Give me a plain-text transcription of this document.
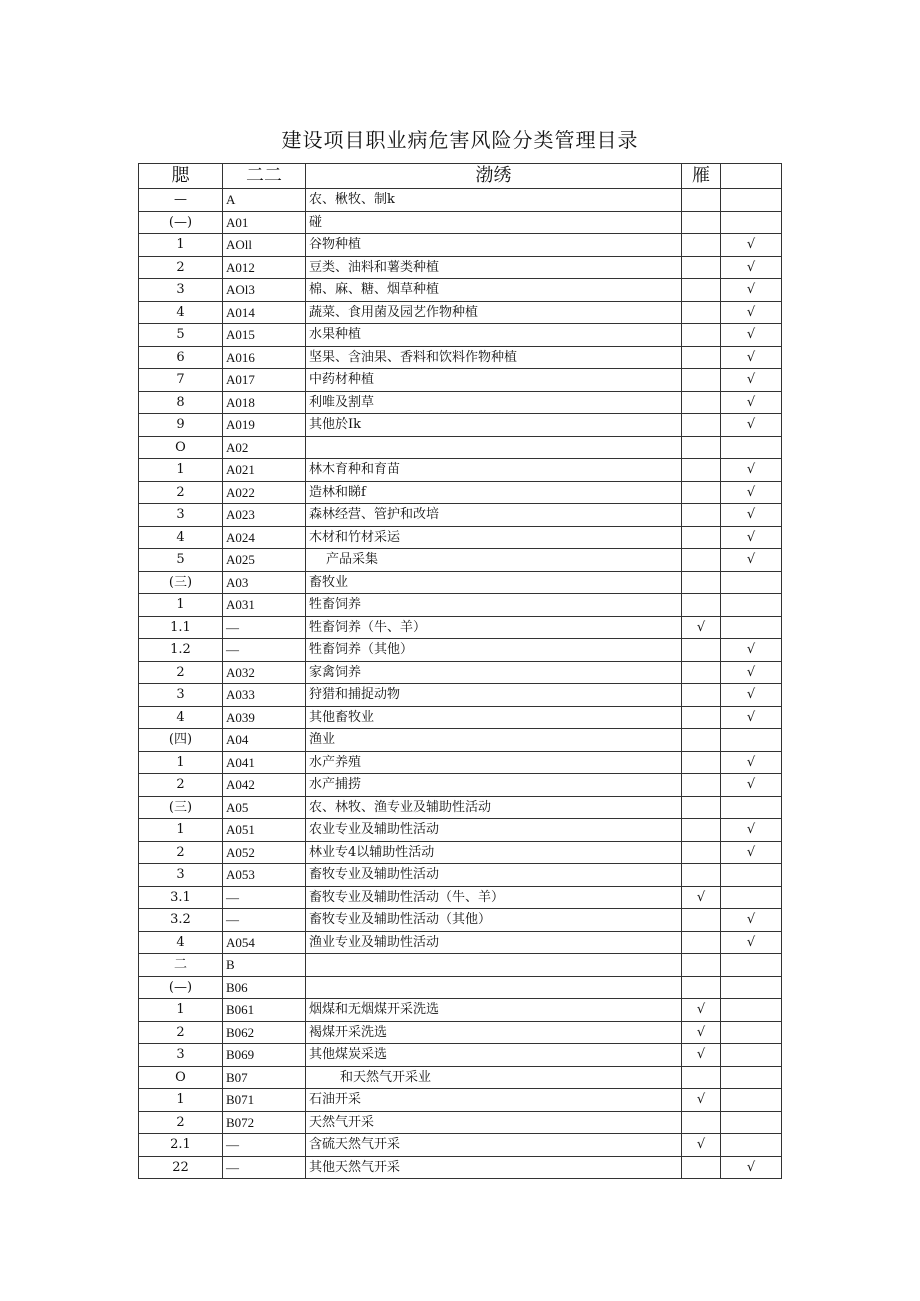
建设项目职业病危害风险分类管理目录
腮	二二	渤绣	雁	
—	A	农、楸牧、制k		
(—)	A01	碰		
1	AOll	谷物种植		√
2	A012	豆类、油料和薯类种植		√
3	AOl3	棉、麻、糖、烟草种植		√
4	A014	蔬菜、食用菌及园艺作物种植		√
5	A015	水果种植		√
6	A016	坚果、含油果、香料和饮料作物种植		√
7	A017	中药材种植		√
8	A018	利唯及割草		√
9	A019	其他於Ik		√
O	A02			
1	A021	林木育种和育苗		√
2	A022	造林和睇f		√
3	A023	森林经营、管护和改培		√
4	A024	木材和竹材采运		√
5	A025	产品采集		√
(三)	A03	畜牧业		
1	A031	牲畜饲养		
1.1	—	牲畜饲养（牛、羊）	√	
1.2	—	牲畜饲养（其他）		√
2	A032	家禽饲养		√
3	A033	狩猎和捕捉动物		√
4	A039	其他畜牧业		√
(四)	A04	渔业		
1	A041	水产养殖		√
2	A042	水产捕捞		√
(三)	A05	农、林牧、渔专业及辅助性活动		
1	A051	农业专业及辅助性活动		√
2	A052	林业专4以辅助性活动		√
3	A053	畜牧专业及辅助性活动		
3.1	—	畜牧专业及辅助性活动（牛、羊）	√	
3.2	—	畜牧专业及辅助性活动（其他）		√
4	A054	渔业专业及辅助性活动		√
二	B			
(—)	B06			
1	B061	烟煤和无烟煤开采洗选	√	
2	B062	褐煤开采洗选	√	
3	B069	其他煤炭采选	√	
O	B07	和天然气开采业		
1	B071	石油开采	√	
2	B072	天然气开采		
2.1	—	含硫天然气开采	√	
22	—	其他天然气开采		√
